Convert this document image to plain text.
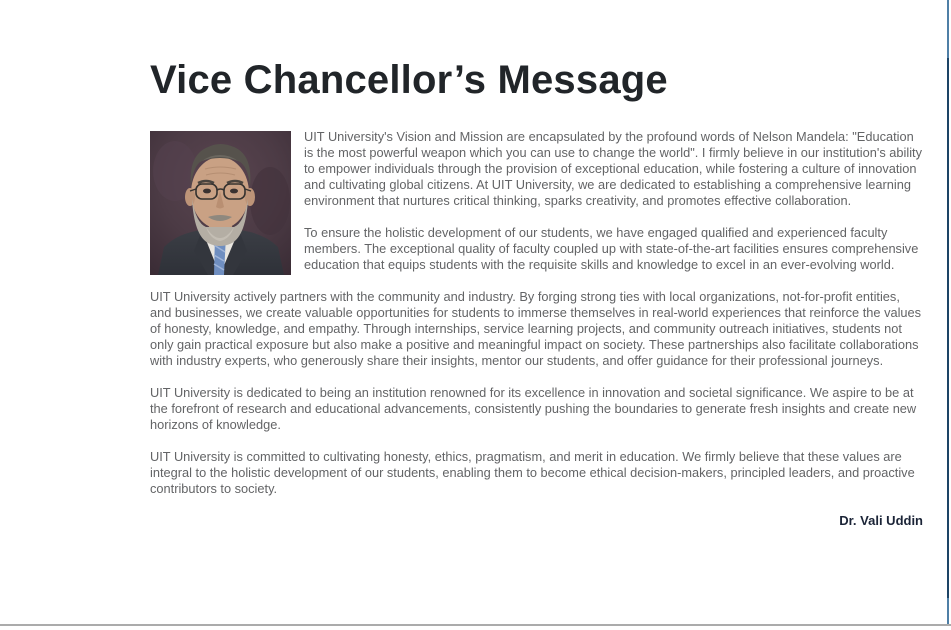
Vice Chancellor’s Message

UIT University's Vision and Mission are encapsulated by the profound words of Nelson Mandela: "Education is the most powerful weapon which you can use to change the world". I firmly believe in our institution's ability to empower individuals through the provision of exceptional education, while fostering a culture of innovation and cultivating global citizens. At UIT University, we are dedicated to establishing a comprehensive learning environment that nurtures critical thinking, sparks creativity, and promotes effective collaboration.

To ensure the holistic development of our students, we have engaged qualified and experienced faculty members. The exceptional quality of faculty coupled up with state-of-the-art facilities ensures comprehensive education that equips students with the requisite skills and knowledge to excel in an ever-evolving world.

UIT University actively partners with the community and industry. By forging strong ties with local organizations, not-for-profit entities, and businesses, we create valuable opportunities for students to immerse themselves in real-world experiences that reinforce the values of honesty, knowledge, and empathy. Through internships, service learning projects, and community outreach initiatives, students not only gain practical exposure but also make a positive and meaningful impact on society. These partnerships also facilitate collaborations with industry experts, who generously share their insights, mentor our students, and offer guidance for their professional journeys.

UIT University is dedicated to being an institution renowned for its excellence in innovation and societal significance. We aspire to be at the forefront of research and educational advancements, consistently pushing the boundaries to generate fresh insights and create new horizons of knowledge.

UIT University is committed to cultivating honesty, ethics, pragmatism, and merit in education. We firmly believe that these values are integral to the holistic development of our students, enabling them to become ethical decision-makers, principled leaders, and proactive contributors to society.

Dr. Vali Uddin
